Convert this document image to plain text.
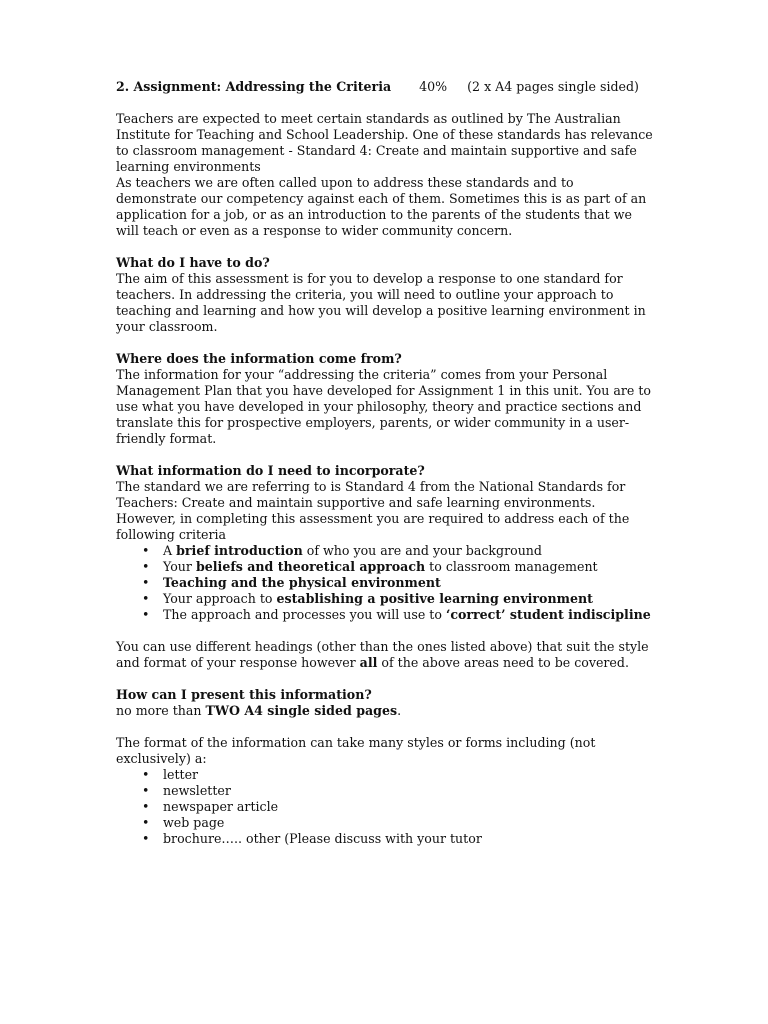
2. Assignment: Addressing the Criteria 40% (2 x A4 pages single sided)

Teachers are expected to meet certain standards as outlined by The Australian Institute for Teaching and School Leadership. One of these standards has relevance to classroom management - Standard 4: Create and maintain supportive and safe learning environments

As teachers we are often called upon to address these standards and to demonstrate our competency against each of them. Sometimes this is as part of an application for a job, or as an introduction to the parents of the students that we will teach or even as a response to wider community concern.

What do I have to do?

The aim of this assessment is for you to develop a response to one standard for teachers. In addressing the criteria, you will need to outline your approach to teaching and learning and how you will develop a positive learning environment in your classroom.

Where does the information come from?

The information for your “addressing the criteria” comes from your Personal Management Plan that you have developed for Assignment 1 in this unit. You are to use what you have developed in your philosophy, theory and practice sections and translate this for prospective employers, parents, or wider community in a user-friendly format.

What information do I need to incorporate?

The standard we are referring to is Standard 4 from the National Standards for Teachers: Create and maintain supportive and safe learning environments. However, in completing this assessment you are required to address each of the following criteria

• A brief introduction of who you are and your background
• Your beliefs and theoretical approach to classroom management
• Teaching and the physical environment
• Your approach to establishing a positive learning environment
• The approach and processes you will use to ‘correct’ student indiscipline

You can use different headings (other than the ones listed above) that suit the style and format of your response however all of the above areas need to be covered.

How can I present this information?

no more than TWO A4 single sided pages.

The format of the information can take many styles or forms including (not exclusively) a:

• letter
• newsletter
• newspaper article
• web page
• brochure….. other (Please discuss with your tutor
